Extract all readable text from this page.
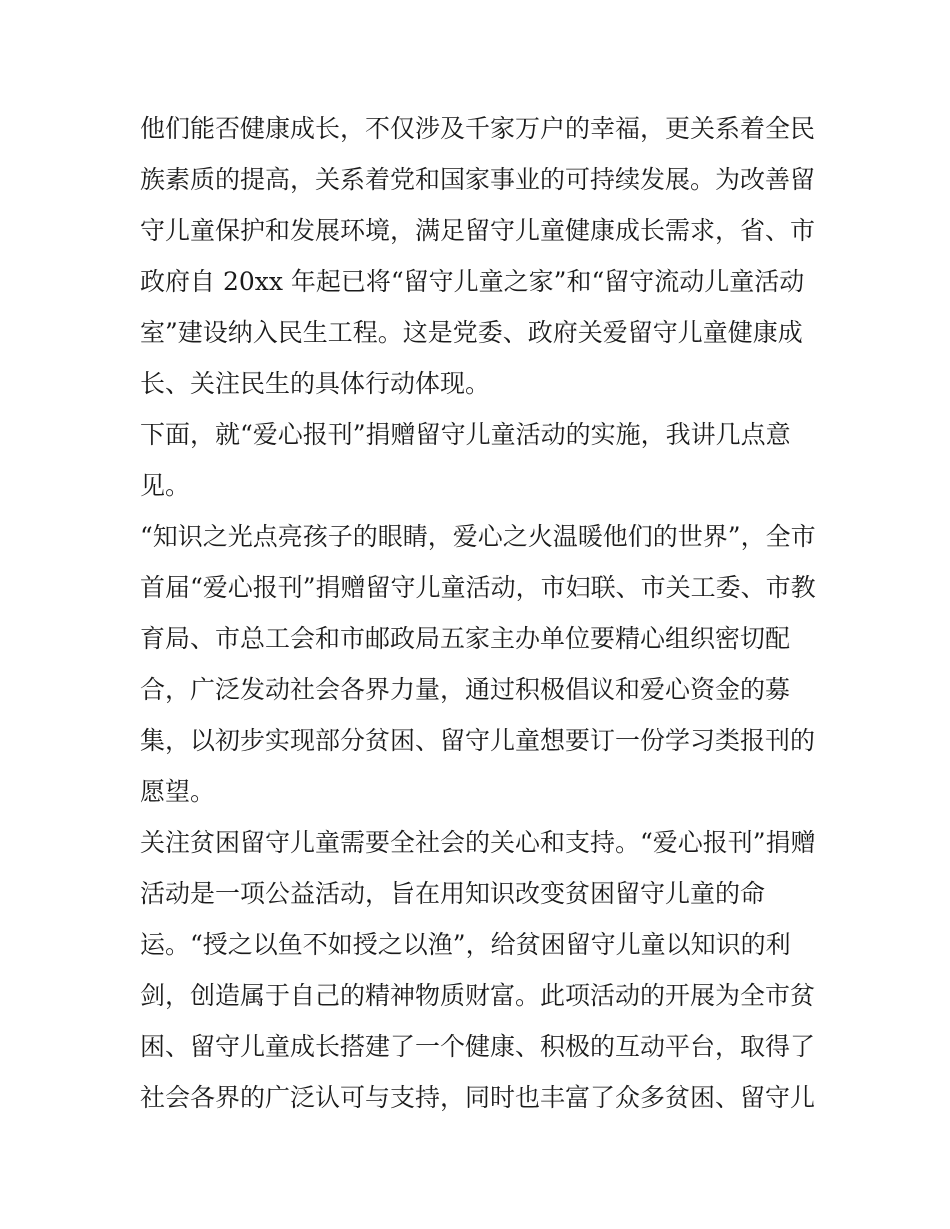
他们能否健康成长，不仅涉及千家万户的幸福，更关系着全民
族素质的提高，关系着党和国家事业的可持续发展。为改善留
守儿童保护和发展环境，满足留守儿童健康成长需求，省、市
政府自 20xx 年起已将“留守儿童之家”和“留守流动儿童活动
室”建设纳入民生工程。这是党委、政府关爱留守儿童健康成
长、关注民生的具体行动体现。
下面，就“爱心报刊”捐赠留守儿童活动的实施，我讲几点意
见。
“知识之光点亮孩子的眼睛，爱心之火温暖他们的世界”，全市
首届“爱心报刊”捐赠留守儿童活动，市妇联、市关工委、市教
育局、市总工会和市邮政局五家主办单位要精心组织密切配
合，广泛发动社会各界力量，通过积极倡议和爱心资金的募
集，以初步实现部分贫困、留守儿童想要订一份学习类报刊的
愿望。
关注贫困留守儿童需要全社会的关心和支持。“爱心报刊”捐赠
活动是一项公益活动，旨在用知识改变贫困留守儿童的命
运。“授之以鱼不如授之以渔”，给贫困留守儿童以知识的利
剑，创造属于自己的精神物质财富。此项活动的开展为全市贫
困、留守儿童成长搭建了一个健康、积极的互动平台，取得了
社会各界的广泛认可与支持，同时也丰富了众多贫困、留守儿
